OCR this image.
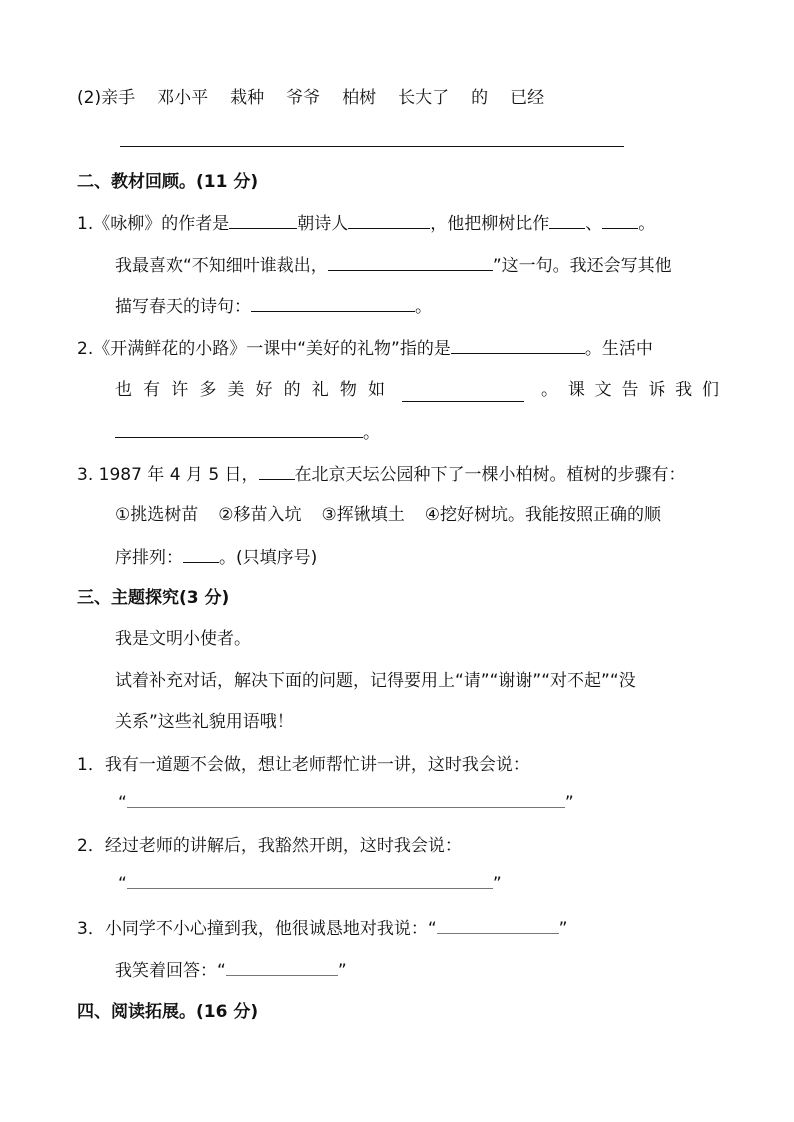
(2)亲手 邓小平 栽种 爷爷 柏树 长大了 的 已经
二、教材回顾。(11 分)
1.《咏柳》的作者是	朝诗人	，他把柳树比作 、 。
我最喜欢“不知细叶谁裁出，	”这一句。我还会写其他
描写春天的诗句：	。
2.《开满鲜花的小路》一课中“美好的礼物”指的是	。生活中
也 有 许 多 美 好 的 礼 物 如	。 课 文 告 诉 我 们
。
3. 1987 年 4 月 5 日， 在北京天坛公园种下了一棵小柏树。植树的步骤有：
①挑选树苗 ②移苗入坑 ③挥锹填土 ④挖好树坑。我能按照正确的顺
序排列： 。(只填序号)
三、主题探究(3 分)
我是文明小使者。
试着补充对话，解决下面的问题，记得要用上“请”“谢谢”“对不起”“没
关系”这些礼貌用语哦！
1．我有一道题不会做，想让老师帮忙讲一讲，这时我会说：
“	”
2．经过老师的讲解后，我豁然开朗，这时我会说：
“	”
3．小同学不小心撞到我，他很诚恳地对我说：“	”
我笑着回答：“	”
四、阅读拓展。(16 分)
